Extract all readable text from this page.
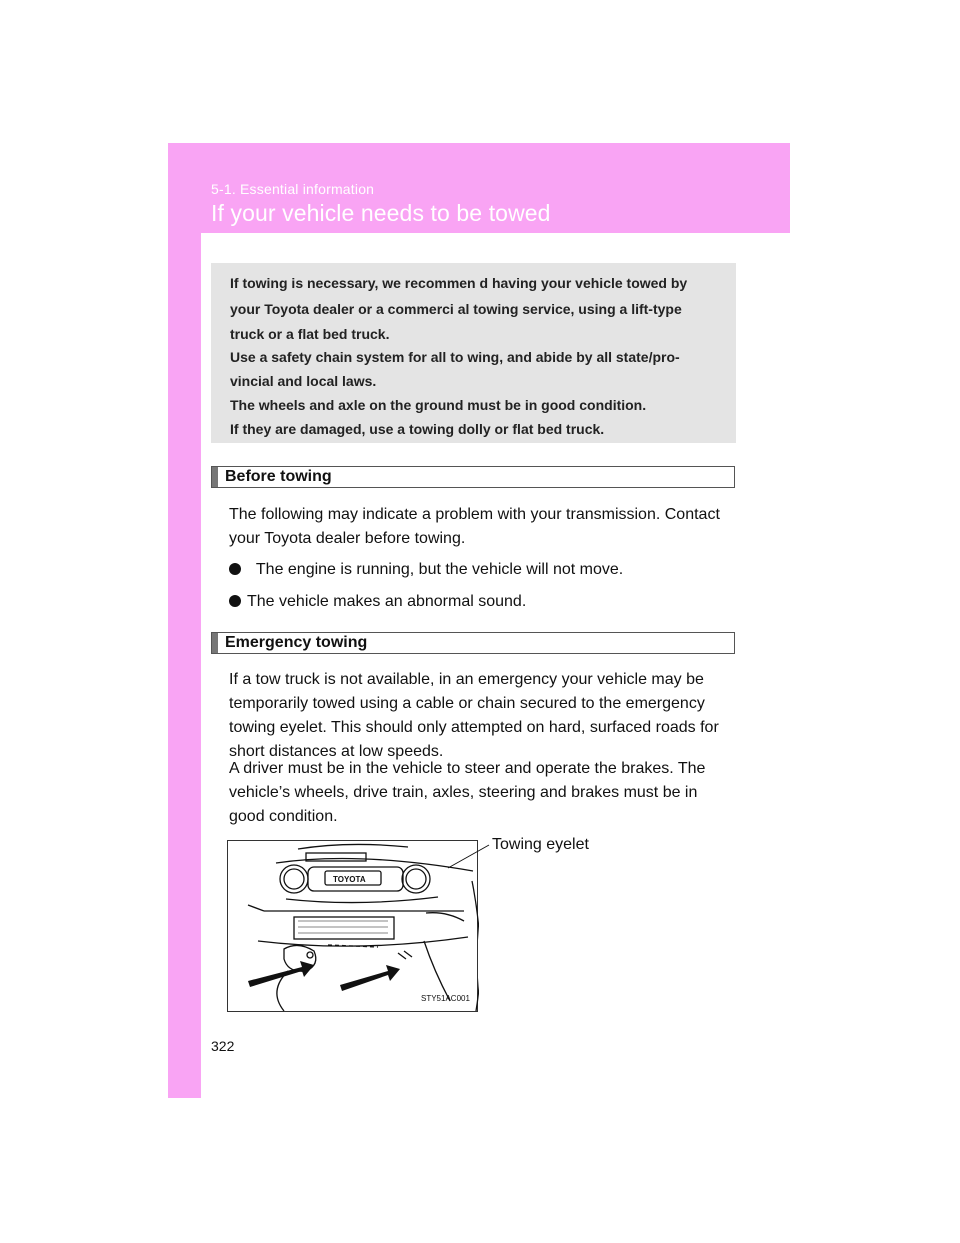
5-1. Essential information
If your vehicle needs to be towed

If towing is necessary, we recommen d having your vehicle towed by

your Toyota dealer or a commerci al towing service, using a lift-type

truck or a flat bed truck.

Use a safety chain system for all to wing, and abide by all state/pro-

vincial and local laws.

The wheels and axle on the ground must be in good condition.

If they are damaged, use a towing dolly or flat bed truck.

Before towing

The following may indicate a problem with your transmission. Contact

your Toyota dealer before towing.

The engine is running, but the vehicle will not move.
The vehicle makes an abnormal sound.
Emergency towing

If a tow truck is not available, in an emergency your vehicle may be

temporarily towed using a cable or chain secured to the emergency

towing eyelet. This should only attempted on hard, surfaced roads for

short distances at low speeds.

A driver must be in the vehicle to steer and operate the brakes. The

vehicle’s wheels, drive train, axles, steering and brakes must be in

good condition.

TOYOTA
STY51AC001
Towing eyelet
322
